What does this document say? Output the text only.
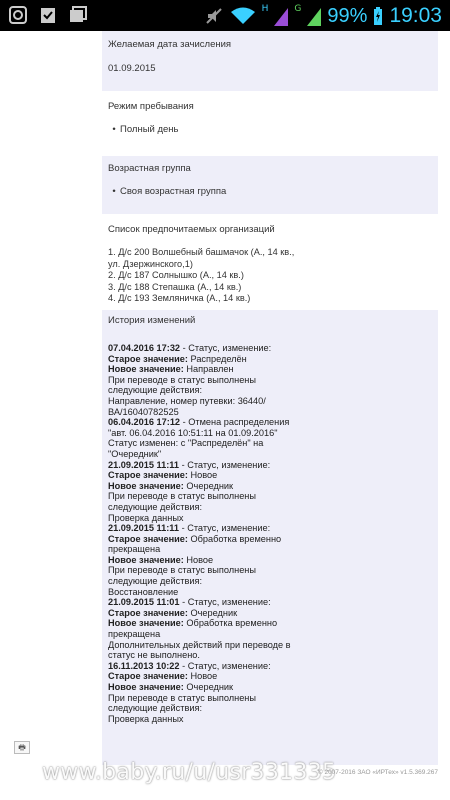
H	G 99% 19:03
Желаемая дата зачисления
01.09.2015
Режим пребывания
• Полный день
Возрастная группа
• Своя возрастная группа
Список предпочитаемых организаций
1. Д/с 200 Волшебный башмачок (А., 14 кв.,
ул. Дзержинского,1)
2. Д/с 187 Солнышко (А., 14 кв.)
3. Д/с 188 Степашка (А., 14 кв.)
4. Д/с 193 Земляничка (А., 14 кв.)
История изменений
07.04.2016 17:32 - Статус, изменение:
Старое значение: Распределён
Новое значение: Направлен
При переводе в статус выполнены
следующие действия:
Направление, номер путевки: 36440/
ВА/16040782525
06.04.2016 17:12 - Отмена распределения
"авт. 06.04.2016 10:51:11 на 01.09.2016"
Статус изменен: с "Распределён" на
"Очередник"
21.09.2015 11:11 - Статус, изменение:
Старое значение: Новое
Новое значение: Очередник
При переводе в статус выполнены
следующие действия:
Проверка данных
21.09.2015 11:11 - Статус, изменение:
Старое значение: Обработка временно
прекращена
Новое значение: Новое
При переводе в статус выполнены
следующие действия:
Восстановление
21.09.2015 11:01 - Статус, изменение:
Старое значение: Очередник
Новое значение: Обработка временно
прекращена
Дополнительных действий при переводе в
статус не выполнено.
16.11.2013 10:22 - Статус, изменение:
Старое значение: Новое
Новое значение: Очередник
При переводе в статус выполнены
следующие действия:
Проверка данных
🖶
www.baby.ru/u/usr331335
© 2007-2016 ЗАО «ИРТех» v1.5.369.267
